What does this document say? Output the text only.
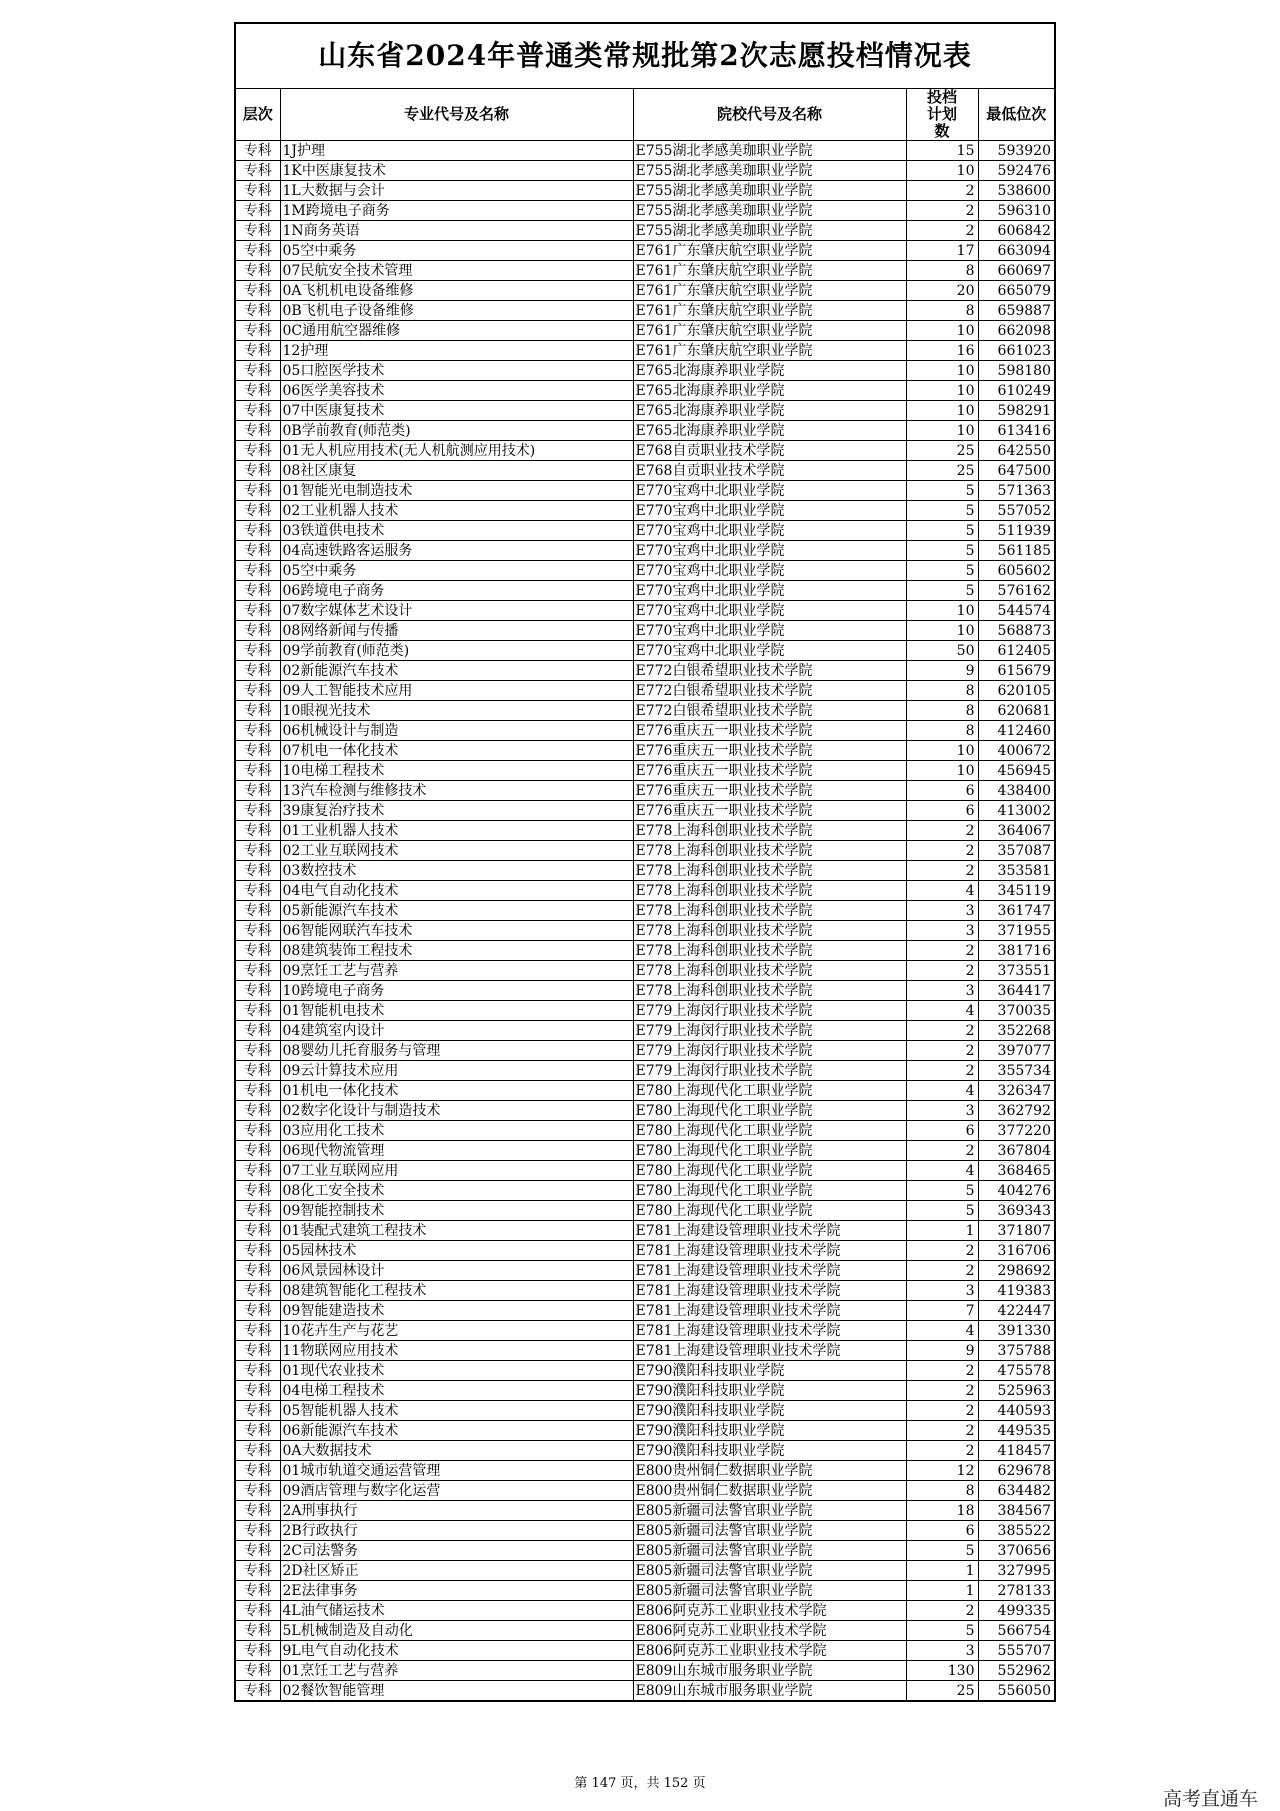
山东省2024年普通类常规批第2次志愿投档情况表
层次	专业代号及名称	院校代号及名称	投档计划数	最低位次
专科	1J护理	E755湖北孝感美珈职业学院	15	593920
专科	1K中医康复技术	E755湖北孝感美珈职业学院	10	592476
专科	1L大数据与会计	E755湖北孝感美珈职业学院	2	538600
专科	1M跨境电子商务	E755湖北孝感美珈职业学院	2	596310
专科	1N商务英语	E755湖北孝感美珈职业学院	2	606842
专科	05空中乘务	E761广东肇庆航空职业学院	17	663094
专科	07民航安全技术管理	E761广东肇庆航空职业学院	8	660697
专科	0A飞机机电设备维修	E761广东肇庆航空职业学院	20	665079
专科	0B飞机电子设备维修	E761广东肇庆航空职业学院	8	659887
专科	0C通用航空器维修	E761广东肇庆航空职业学院	10	662098
专科	12护理	E761广东肇庆航空职业学院	16	661023
专科	05口腔医学技术	E765北海康养职业学院	10	598180
专科	06医学美容技术	E765北海康养职业学院	10	610249
专科	07中医康复技术	E765北海康养职业学院	10	598291
专科	0B学前教育(师范类)	E765北海康养职业学院	10	613416
专科	01无人机应用技术(无人机航测应用技术)	E768自贡职业技术学院	25	642550
专科	08社区康复	E768自贡职业技术学院	25	647500
专科	01智能光电制造技术	E770宝鸡中北职业学院	5	571363
专科	02工业机器人技术	E770宝鸡中北职业学院	5	557052
专科	03铁道供电技术	E770宝鸡中北职业学院	5	511939
专科	04高速铁路客运服务	E770宝鸡中北职业学院	5	561185
专科	05空中乘务	E770宝鸡中北职业学院	5	605602
专科	06跨境电子商务	E770宝鸡中北职业学院	5	576162
专科	07数字媒体艺术设计	E770宝鸡中北职业学院	10	544574
专科	08网络新闻与传播	E770宝鸡中北职业学院	10	568873
专科	09学前教育(师范类)	E770宝鸡中北职业学院	50	612405
专科	02新能源汽车技术	E772白银希望职业技术学院	9	615679
专科	09人工智能技术应用	E772白银希望职业技术学院	8	620105
专科	10眼视光技术	E772白银希望职业技术学院	8	620681
专科	06机械设计与制造	E776重庆五一职业技术学院	8	412460
专科	07机电一体化技术	E776重庆五一职业技术学院	10	400672
专科	10电梯工程技术	E776重庆五一职业技术学院	10	456945
专科	13汽车检测与维修技术	E776重庆五一职业技术学院	6	438400
专科	39康复治疗技术	E776重庆五一职业技术学院	6	413002
专科	01工业机器人技术	E778上海科创职业技术学院	2	364067
专科	02工业互联网技术	E778上海科创职业技术学院	2	357087
专科	03数控技术	E778上海科创职业技术学院	2	353581
专科	04电气自动化技术	E778上海科创职业技术学院	4	345119
专科	05新能源汽车技术	E778上海科创职业技术学院	3	361747
专科	06智能网联汽车技术	E778上海科创职业技术学院	3	371955
专科	08建筑装饰工程技术	E778上海科创职业技术学院	2	381716
专科	09烹饪工艺与营养	E778上海科创职业技术学院	2	373551
专科	10跨境电子商务	E778上海科创职业技术学院	3	364417
专科	01智能机电技术	E779上海闵行职业技术学院	4	370035
专科	04建筑室内设计	E779上海闵行职业技术学院	2	352268
专科	08婴幼儿托育服务与管理	E779上海闵行职业技术学院	2	397077
专科	09云计算技术应用	E779上海闵行职业技术学院	2	355734
专科	01机电一体化技术	E780上海现代化工职业学院	4	326347
专科	02数字化设计与制造技术	E780上海现代化工职业学院	3	362792
专科	03应用化工技术	E780上海现代化工职业学院	6	377220
专科	06现代物流管理	E780上海现代化工职业学院	2	367804
专科	07工业互联网应用	E780上海现代化工职业学院	4	368465
专科	08化工安全技术	E780上海现代化工职业学院	5	404276
专科	09智能控制技术	E780上海现代化工职业学院	5	369343
专科	01装配式建筑工程技术	E781上海建设管理职业技术学院	1	371807
专科	05园林技术	E781上海建设管理职业技术学院	2	316706
专科	06风景园林设计	E781上海建设管理职业技术学院	2	298692
专科	08建筑智能化工程技术	E781上海建设管理职业技术学院	3	419383
专科	09智能建造技术	E781上海建设管理职业技术学院	7	422447
专科	10花卉生产与花艺	E781上海建设管理职业技术学院	4	391330
专科	11物联网应用技术	E781上海建设管理职业技术学院	9	375788
专科	01现代农业技术	E790濮阳科技职业学院	2	475578
专科	04电梯工程技术	E790濮阳科技职业学院	2	525963
专科	05智能机器人技术	E790濮阳科技职业学院	2	440593
专科	06新能源汽车技术	E790濮阳科技职业学院	2	449535
专科	0A大数据技术	E790濮阳科技职业学院	2	418457
专科	01城市轨道交通运营管理	E800贵州铜仁数据职业学院	12	629678
专科	09酒店管理与数字化运营	E800贵州铜仁数据职业学院	8	634482
专科	2A刑事执行	E805新疆司法警官职业学院	18	384567
专科	2B行政执行	E805新疆司法警官职业学院	6	385522
专科	2C司法警务	E805新疆司法警官职业学院	5	370656
专科	2D社区矫正	E805新疆司法警官职业学院	1	327995
专科	2E法律事务	E805新疆司法警官职业学院	1	278133
专科	4L油气储运技术	E806阿克苏工业职业技术学院	2	499335
专科	5L机械制造及自动化	E806阿克苏工业职业技术学院	5	566754
专科	9L电气自动化技术	E806阿克苏工业职业技术学院	3	555707
专科	01烹饪工艺与营养	E809山东城市服务职业学院	130	552962
专科	02餐饮智能管理	E809山东城市服务职业学院	25	556050
第 147 页，共 152 页
高考直通车
